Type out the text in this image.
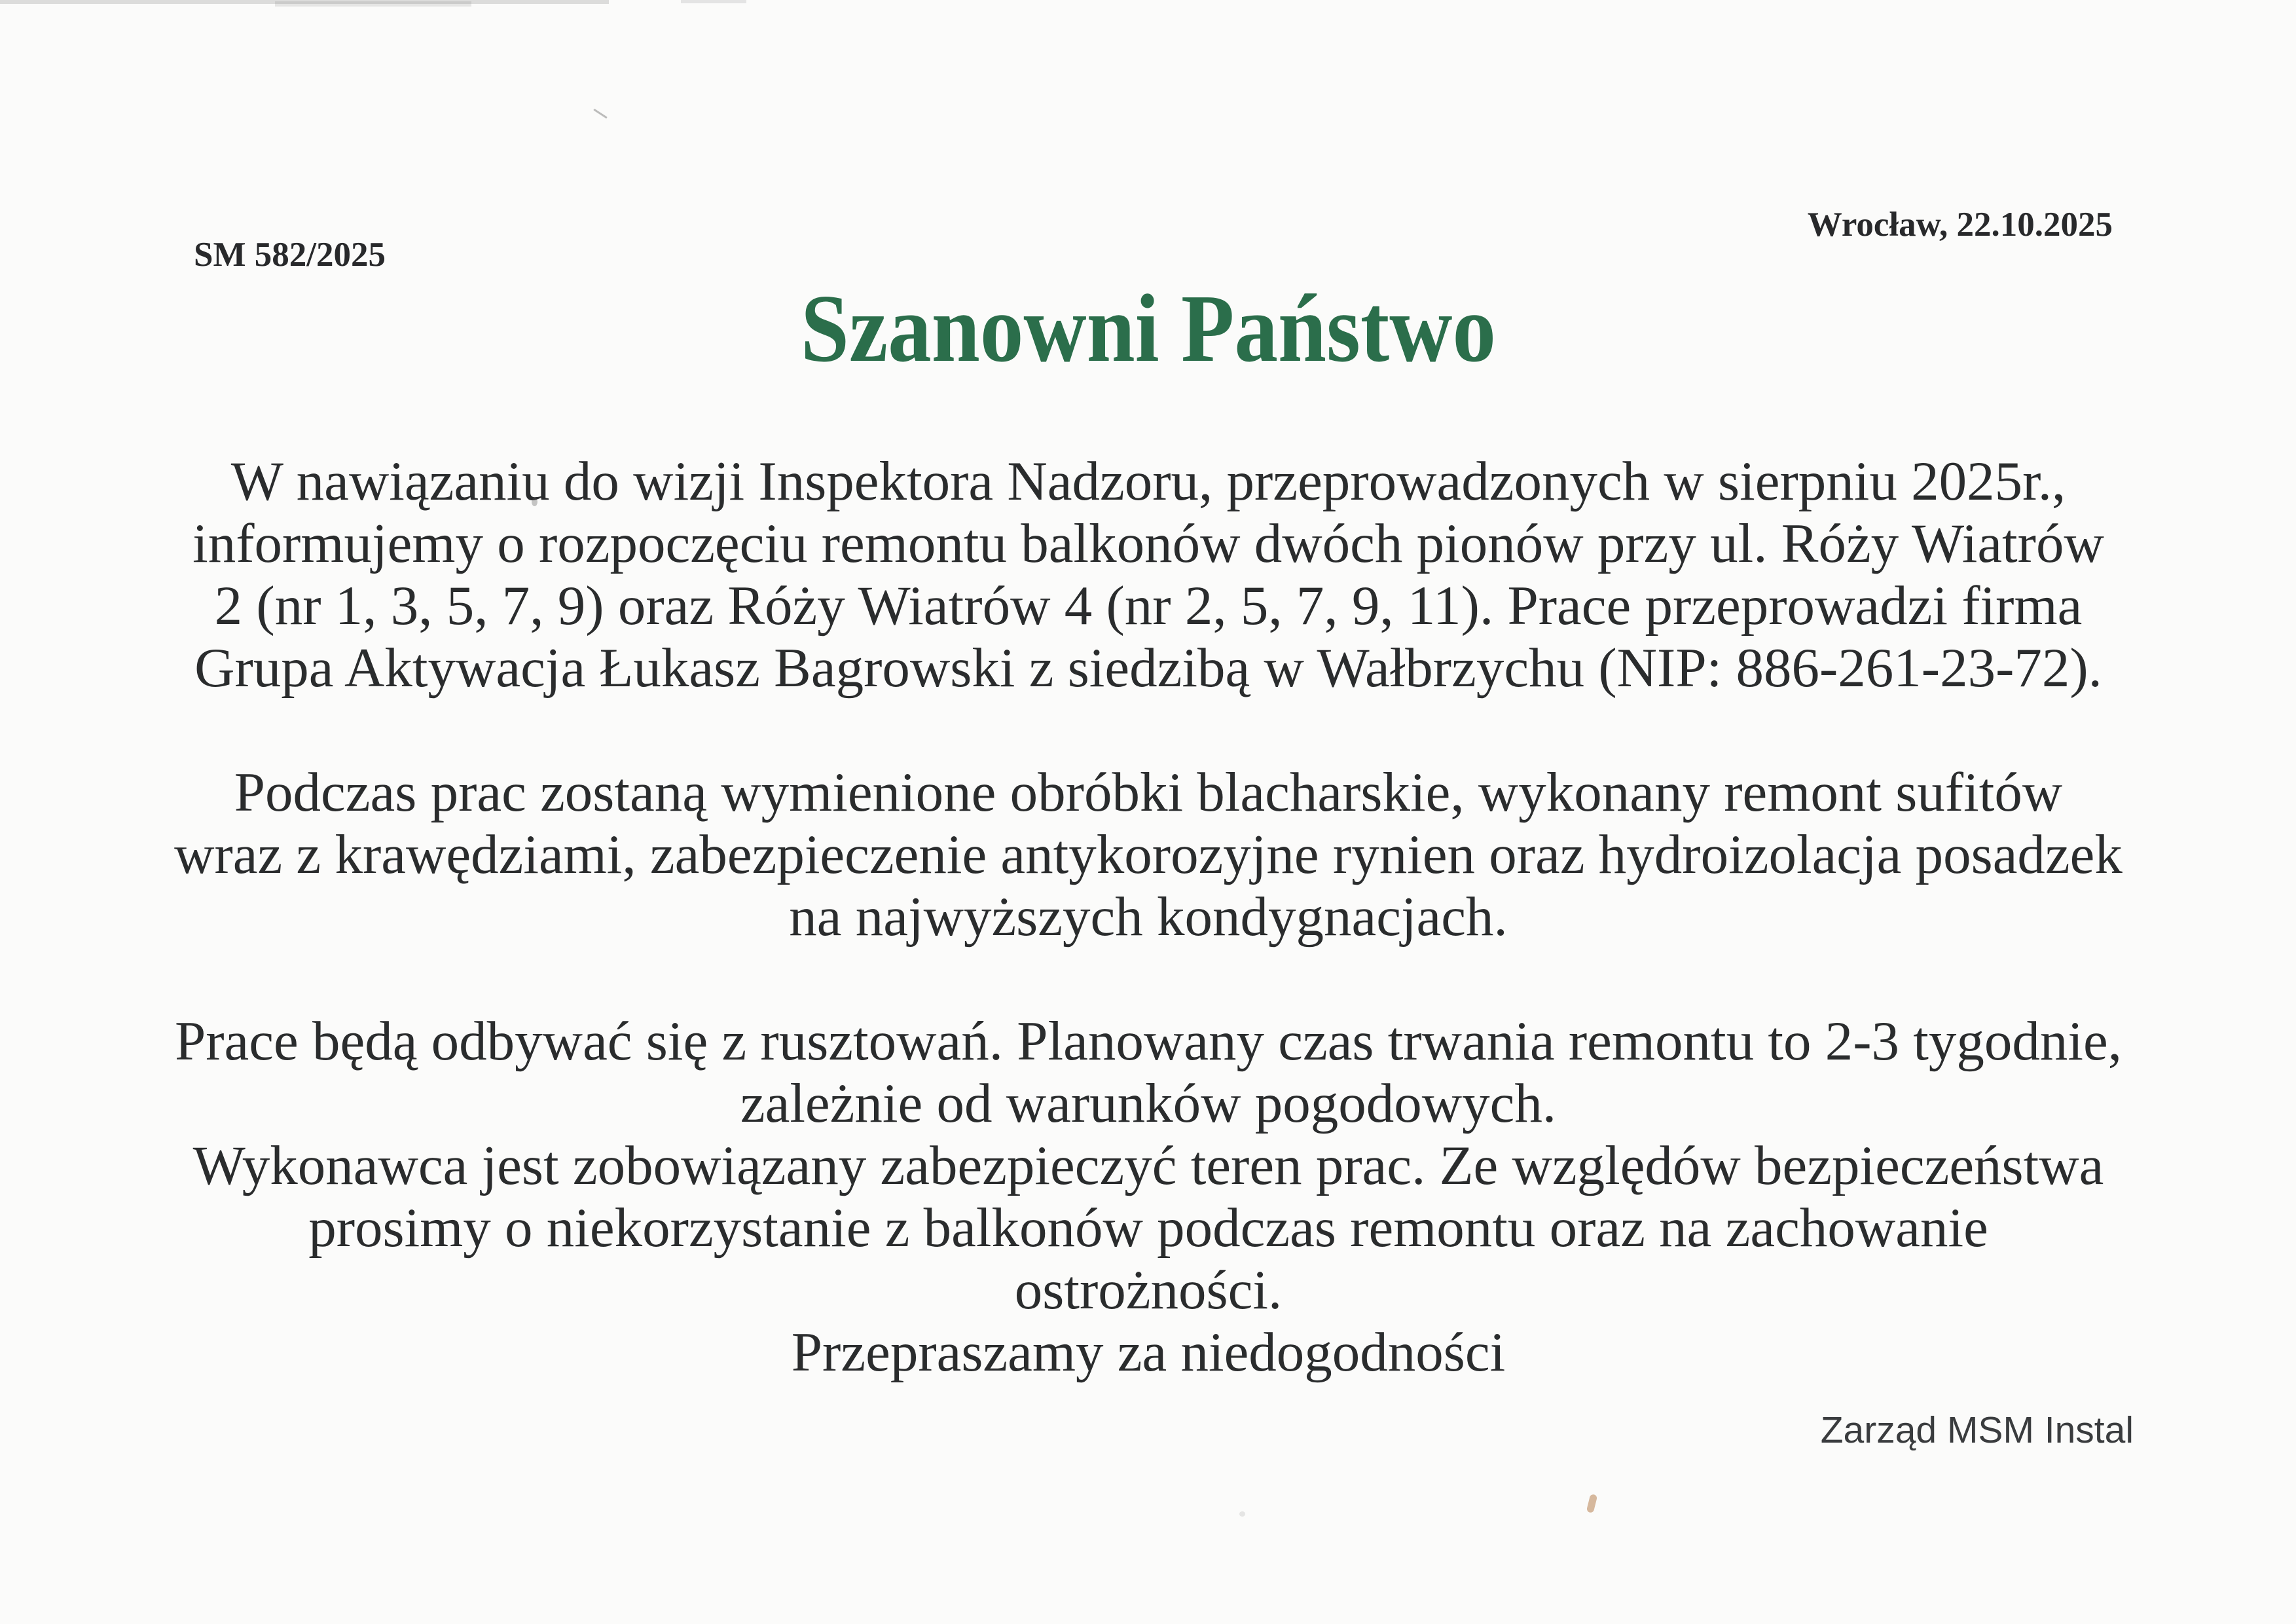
SM 582/2025
Wrocław, 22.10.2025
Szanowni Państwo
W nawiązaniu do wizji Inspektora Nadzoru, przeprowadzonych w sierpniu 2025r.,
informujemy o rozpoczęciu remontu balkonów dwóch pionów przy ul. Róży Wiatrów
2 (nr 1, 3, 5, 7, 9) oraz Róży Wiatrów 4 (nr 2, 5, 7, 9, 11). Prace przeprowadzi firma
Grupa Aktywacja Łukasz Bagrowski z siedzibą w Wałbrzychu (NIP: 886-261-23-72).
Podczas prac zostaną wymienione obróbki blacharskie, wykonany remont sufitów
wraz z krawędziami, zabezpieczenie antykorozyjne rynien oraz hydroizolacja posadzek
na najwyższych kondygnacjach.
Prace będą odbywać się z rusztowań. Planowany czas trwania remontu to 2-3 tygodnie,
zależnie od warunków pogodowych.
Wykonawca jest zobowiązany zabezpieczyć teren prac. Ze względów bezpieczeństwa
prosimy o niekorzystanie z balkonów podczas remontu oraz na zachowanie
ostrożności.
Przepraszamy za niedogodności
Zarząd MSM Instal
